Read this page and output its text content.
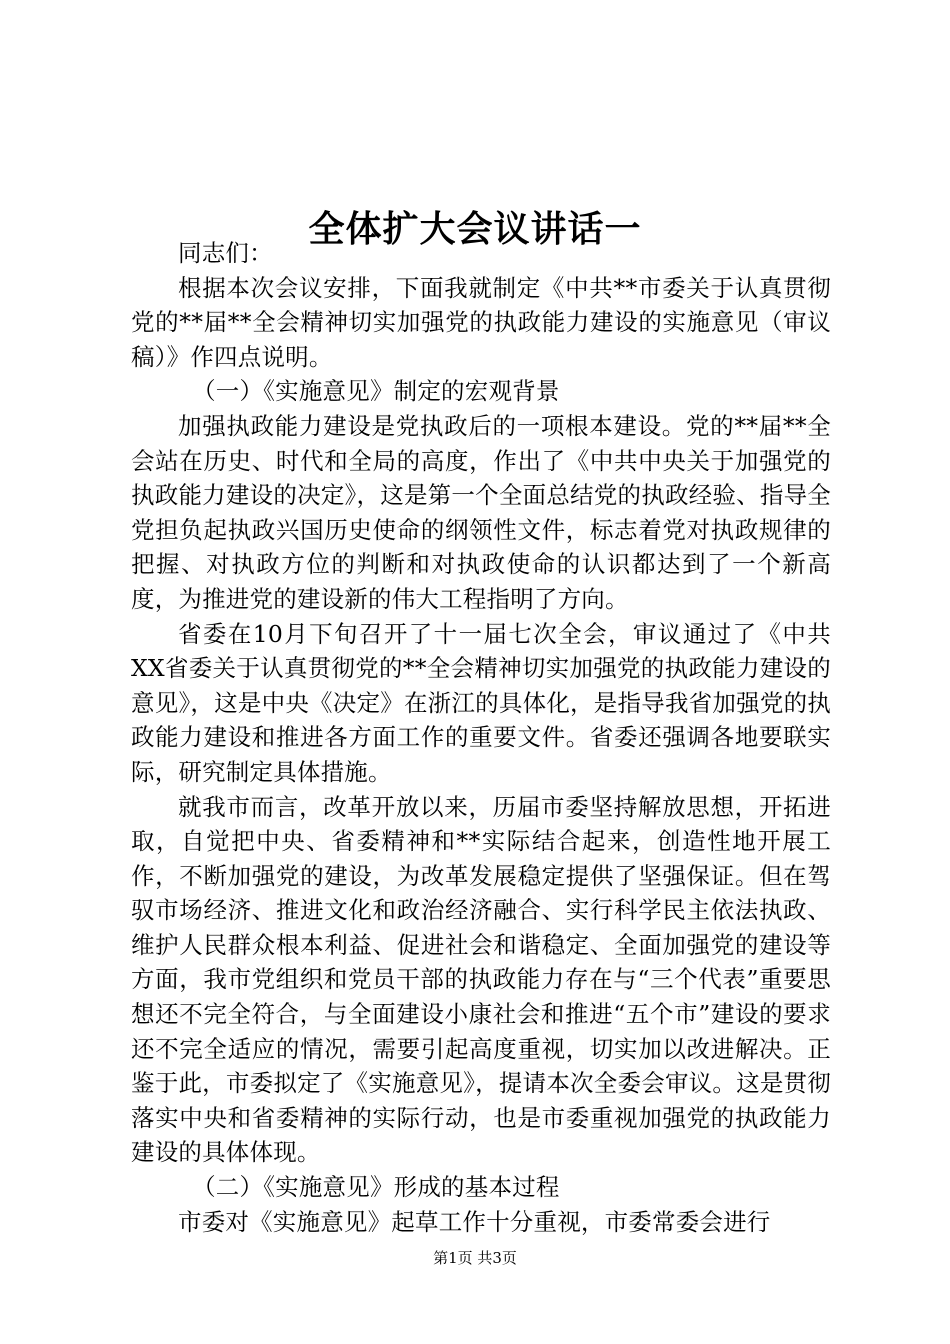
全体扩大会议讲话一

同志们：

根据本次会议安排，下面我就制定《中共**市委关于认真贯彻党的**届**全会精神切实加强党的执政能力建设的实施意见（审议稿）》作四点说明。

（一）《实施意见》制定的宏观背景

加强执政能力建设是党执政后的一项根本建设。党的**届**全会站在历史、时代和全局的高度，作出了《中共中央关于加强党的执政能力建设的决定》，这是第一个全面总结党的执政经验、指导全党担负起执政兴国历史使命的纲领性文件，标志着党对执政规律的把握、对执政方位的判断和对执政使命的认识都达到了一个新高度，为推进党的建设新的伟大工程指明了方向。

省委在10月下旬召开了十一届七次全会，审议通过了《中共XX省委关于认真贯彻党的**全会精神切实加强党的执政能力建设的意见》，这是中央《决定》在浙江的具体化，是指导我省加强党的执政能力建设和推进各方面工作的重要文件。省委还强调各地要联实际，研究制定具体措施。

就我市而言，改革开放以来，历届市委坚持解放思想，开拓进取，自觉把中央、省委精神和**实际结合起来，创造性地开展工作，不断加强党的建设，为改革发展稳定提供了坚强保证。但在驾驭市场经济、推进文化和政治经济融合、实行科学民主依法执政、维护人民群众根本利益、促进社会和谐稳定、全面加强党的建设等方面，我市党组织和党员干部的执政能力存在与“三个代表”重要思想还不完全符合，与全面建设小康社会和推进“五个市”建设的要求还不完全适应的情况，需要引起高度重视，切实加以改进解决。正鉴于此，市委拟定了《实施意见》，提请本次全委会审议。这是贯彻落实中央和省委精神的实际行动，也是市委重视加强党的执政能力建设的具体体现。

（二）《实施意见》形成的基本过程

市委对《实施意见》起草工作十分重视，市委常委会进行

第1页 共3页
